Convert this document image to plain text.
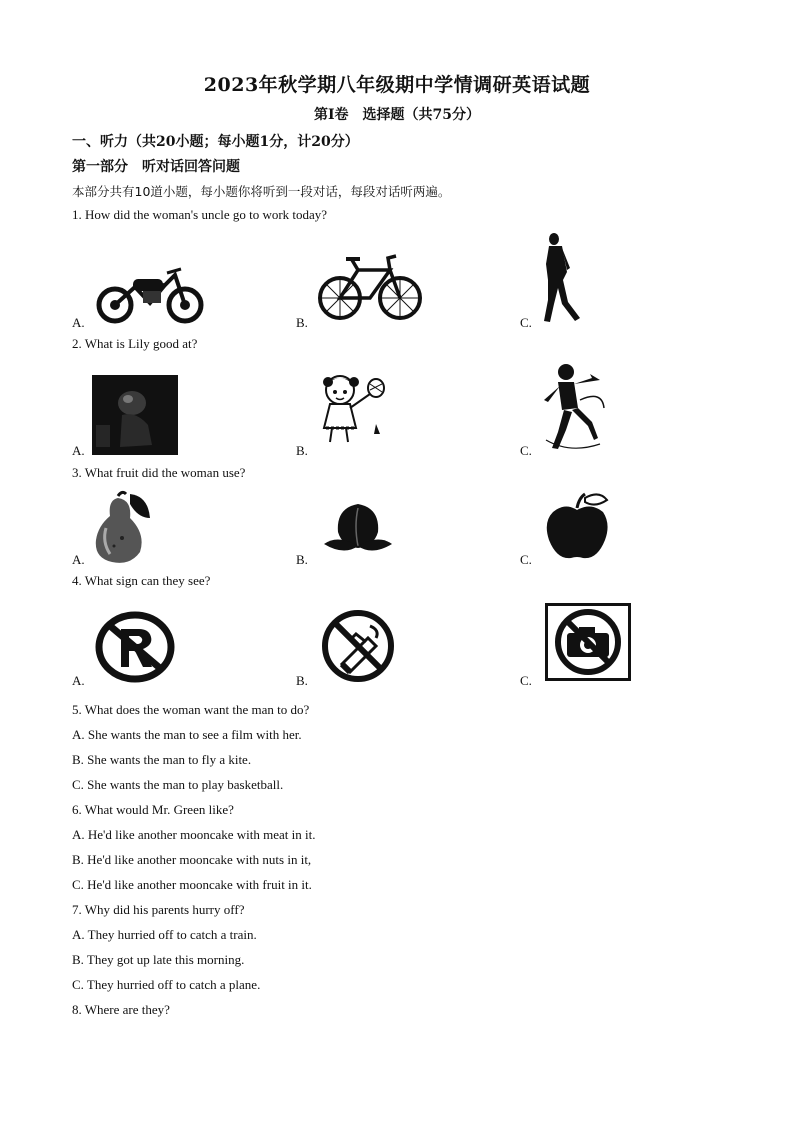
2023年秋学期八年级期中学情调研英语试题
第I卷　选择题（共75分）
一、听力（共20小题；每小题1分，计20分）
第一部分　听对话回答问题
本部分共有10道小题，每小题你将听到一段对话，每段对话听两遍。
1. How did the woman's uncle go to work today?
A.	B.	C.
2. What is Lily good at?
A.	B.	C.
3. What fruit did the woman use?
A.	B.	C.
4. What sign can they see?
A.	B.	C.
5. What does the woman want the man to do?
A. She wants the man to see a film with her.
B. She wants the man to fly a kite.
C. She wants the man to play basketball.
6. What would Mr. Green like?
A. He'd like another mooncake with meat in it.
B. He'd like another mooncake with nuts in it,
C. He'd like another mooncake with fruit in it.
7. Why did his parents hurry off?
A. They hurried off to catch a train.
B. They got up late this morning.
C. They hurried off to catch a plane.
8. Where are they?
